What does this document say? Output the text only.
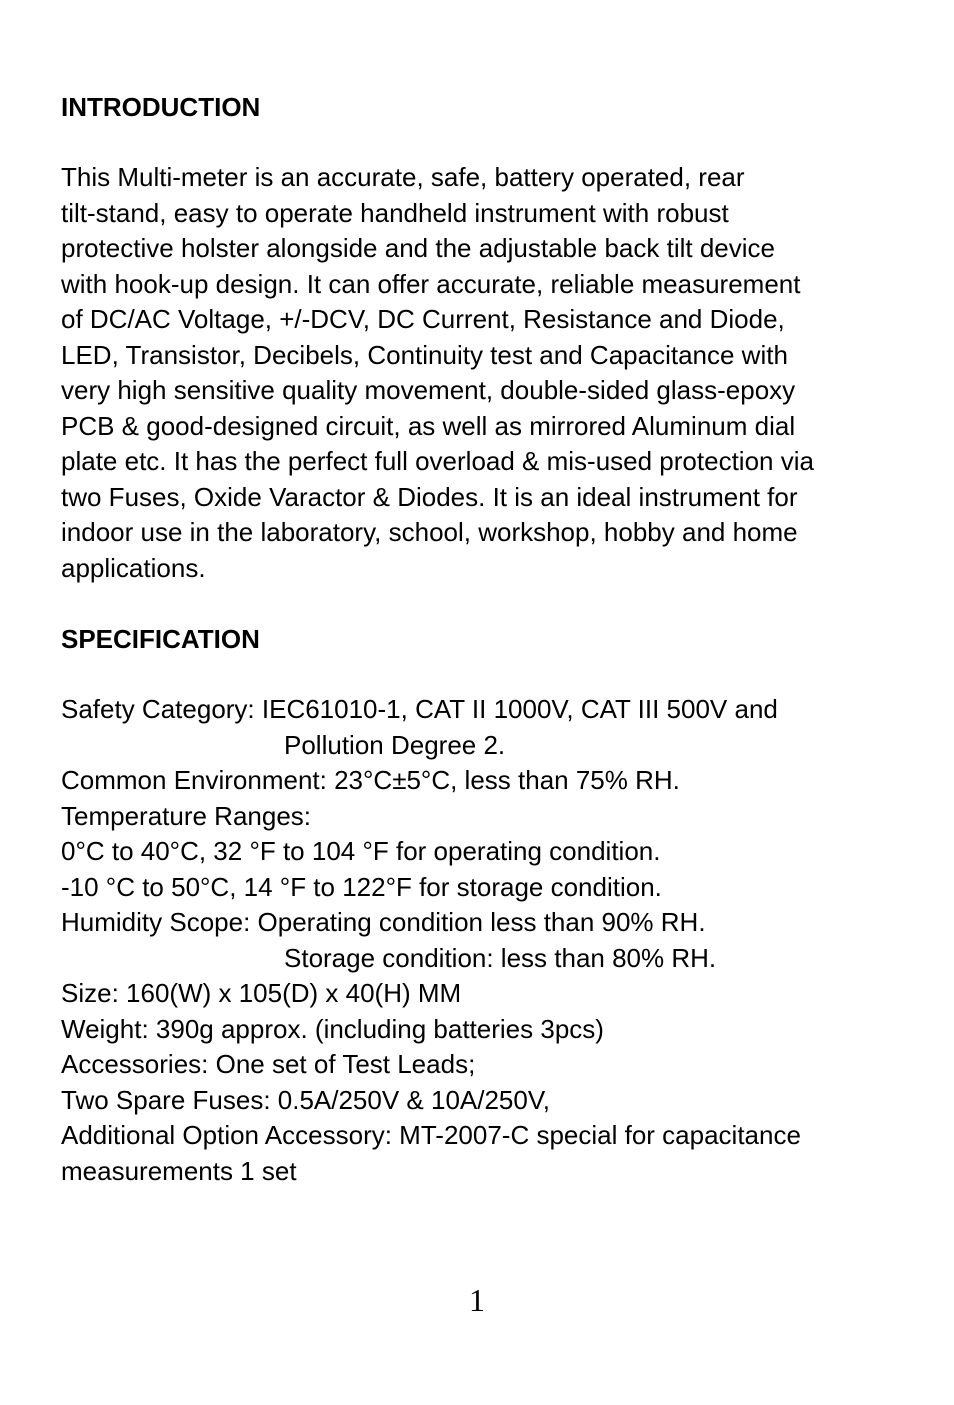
INTRODUCTION
This Multi-meter is an accurate, safe, battery operated, rear
tilt-stand, easy to operate handheld instrument with robust
protective holster alongside and the adjustable back tilt device
with hook-up design. It can offer accurate, reliable measurement
of DC/AC Voltage, +/-DCV, DC Current, Resistance and Diode,
LED, Transistor, Decibels, Continuity test and Capacitance with
very high sensitive quality movement, double-sided glass-epoxy
PCB & good-designed circuit, as well as mirrored Aluminum dial
plate etc. It has the perfect full overload & mis-used protection via
two Fuses, Oxide Varactor & Diodes. It is an ideal instrument for
indoor use in the laboratory, school, workshop, hobby and home
applications.
SPECIFICATION
Safety Category: IEC61010-1, CAT II 1000V, CAT III 500V and
Pollution Degree 2.
Common Environment: 23°C±5°C, less than 75% RH.
Temperature Ranges:
0°C to 40°C, 32 °F to 104 °F for operating condition.
-10 °C to 50°C, 14 °F to 122°F for storage condition.
Humidity Scope: Operating condition less than 90% RH.
Storage condition: less than 80% RH.
Size: 160(W) x 105(D) x 40(H) MM
Weight: 390g approx. (including batteries 3pcs)
Accessories: One set of Test Leads;
Two Spare Fuses: 0.5A/250V & 10A/250V,
Additional Option Accessory: MT-2007-C special for capacitance
measurements 1 set
1
